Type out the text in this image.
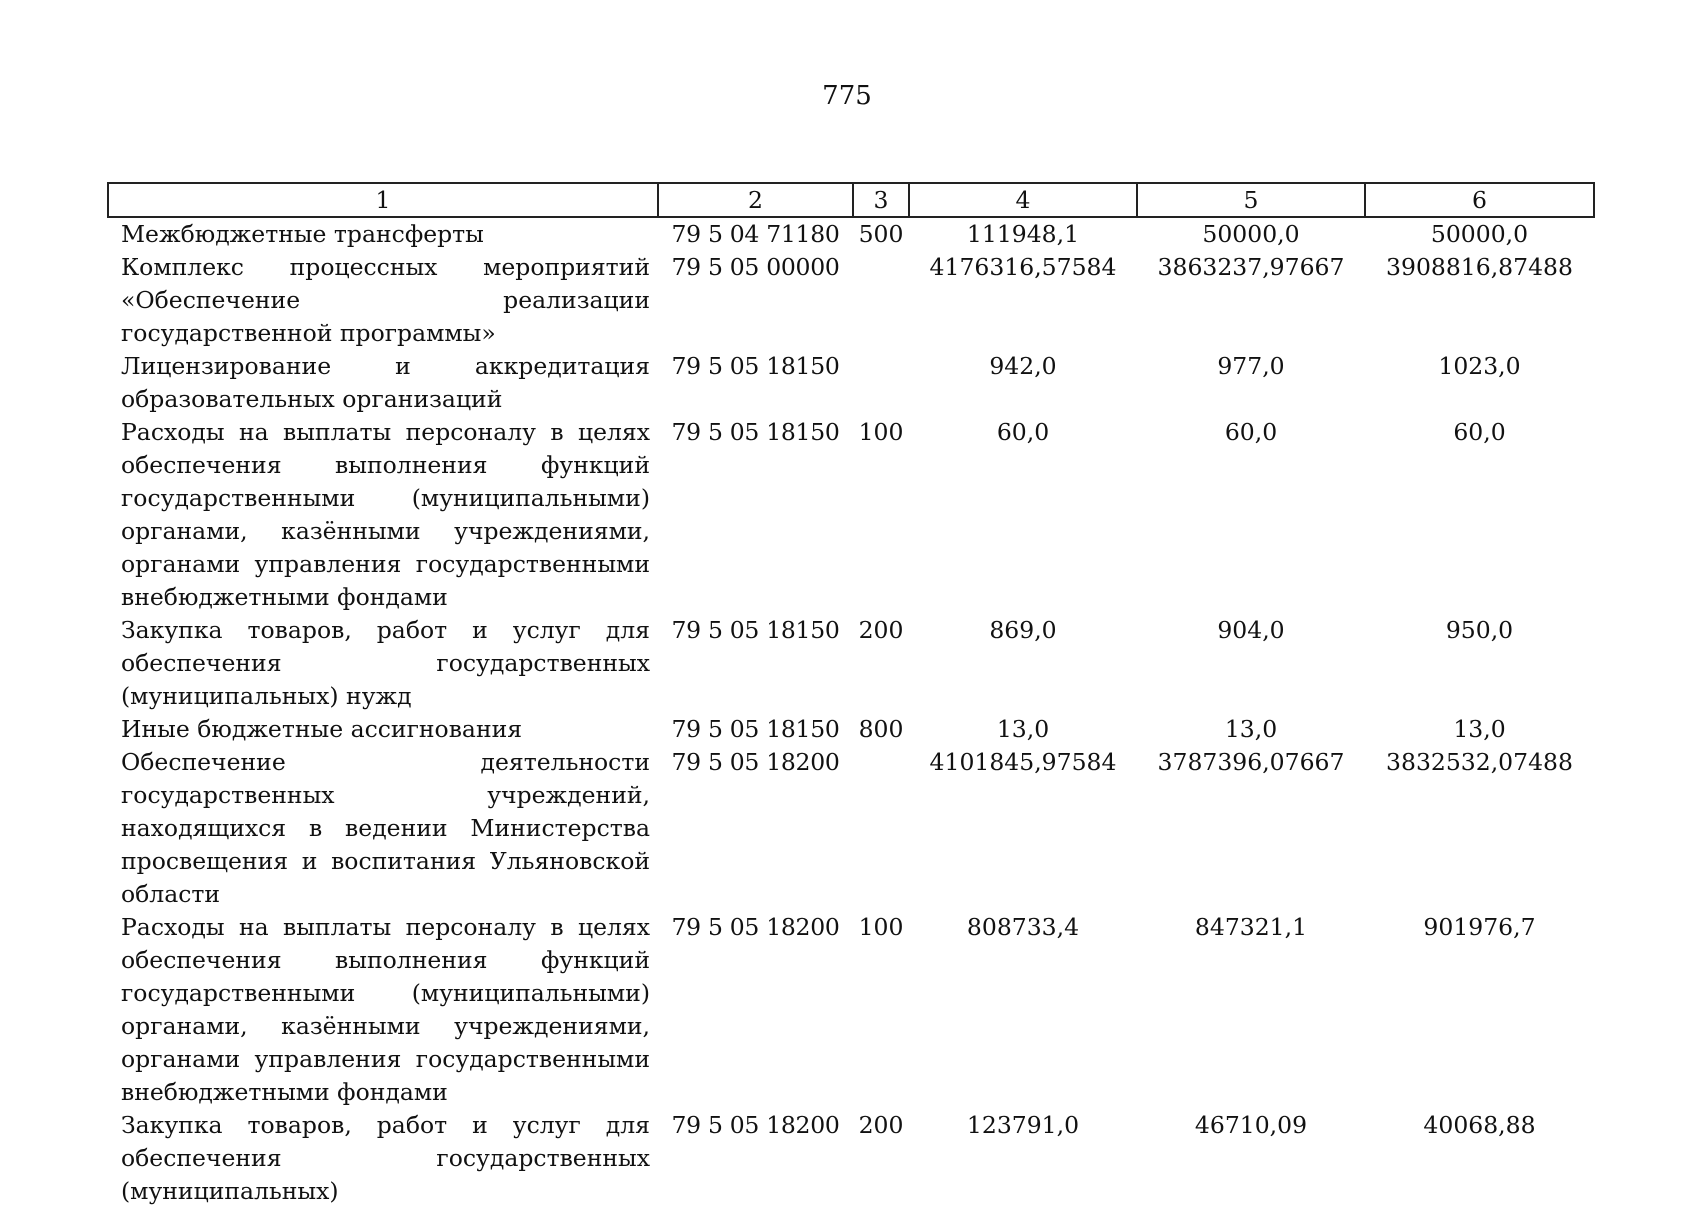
775
1	2	3	4	5	6
Межбюджетные трансферты	79 5 04 71180	500	111948,1	50000,0	50000,0
Комплекс процессных мероприятий «Обеспечение реализации государственной программы»	79 5 05 00000		4176316,57584	3863237,97667	3908816,87488
Лицензирование и аккредитация образовательных организаций	79 5 05 18150		942,0	977,0	1023,0
Расходы на выплаты персоналу в целях обеспечения выполнения функций государственными (муниципальными) органами, казёнными учреждениями, органами управления государственными внебюджетными фондами	79 5 05 18150	100	60,0	60,0	60,0
Закупка товаров, работ и услуг для обеспечения государственных (муниципальных) нужд	79 5 05 18150	200	869,0	904,0	950,0
Иные бюджетные ассигнования	79 5 05 18150	800	13,0	13,0	13,0
Обеспечение деятельности государственных учреждений, находящихся в ведении Министерства просвещения и воспитания Ульяновской области	79 5 05 18200		4101845,97584	3787396,07667	3832532,07488
Расходы на выплаты персоналу в целях обеспечения выполнения функций государственными (муниципальными) органами, казёнными учреждениями, органами управления государственными внебюджетными фондами	79 5 05 18200	100	808733,4	847321,1	901976,7
Закупка товаров, работ и услуг для обеспечения государственных (муниципальных)	79 5 05 18200	200	123791,0	46710,09	40068,88
